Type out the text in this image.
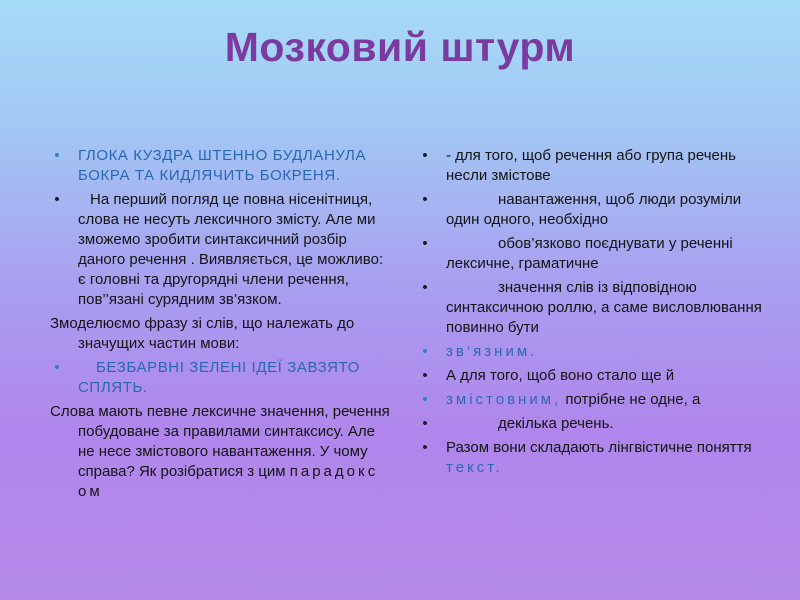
Мозковий штурм
• ГЛОКА КУЗДРА ШТЕННО БУДЛАНУЛА БОКРА ТА КИДЛЯЧИТЬ БОКРЕНЯ.
• На перший погляд це повна нісенітниця, слова не несуть лексичного змісту. Але ми зможемо зробити синтаксичний розбір даного речення . Виявляється, це можливо: є головні та другорядні члени речення, пов’’язані сурядним зв’язком.

Змоделюємо фразу зі слів, що належать до значущих частин мови:

• БЕЗБАРВНІ ЗЕЛЕНІ ІДЕЇ ЗАВЗЯТО СПЛЯТЬ.

Слова мають певне лексичне значення, речення побудоване за правилами синтаксису. Але не несе змістового навантаження. У чому справа? Як розібратися з цим парадокс ом

• - для того, щоб речення або група речень несли змістове
•	навантаження, щоб люди розуміли один одного, необхідно
•	обов’язково поєднувати у реченні лексичне, граматичне
•	значення слів із відповідною синтаксичною роллю, а саме висловлювання повинно бути
• зв‘язним.
• А для того, щоб воно стало ще й
• змістовним, потрібне не одне, а
•	декілька речень.
• Разом вони складають лінгвістичне поняття текст.
